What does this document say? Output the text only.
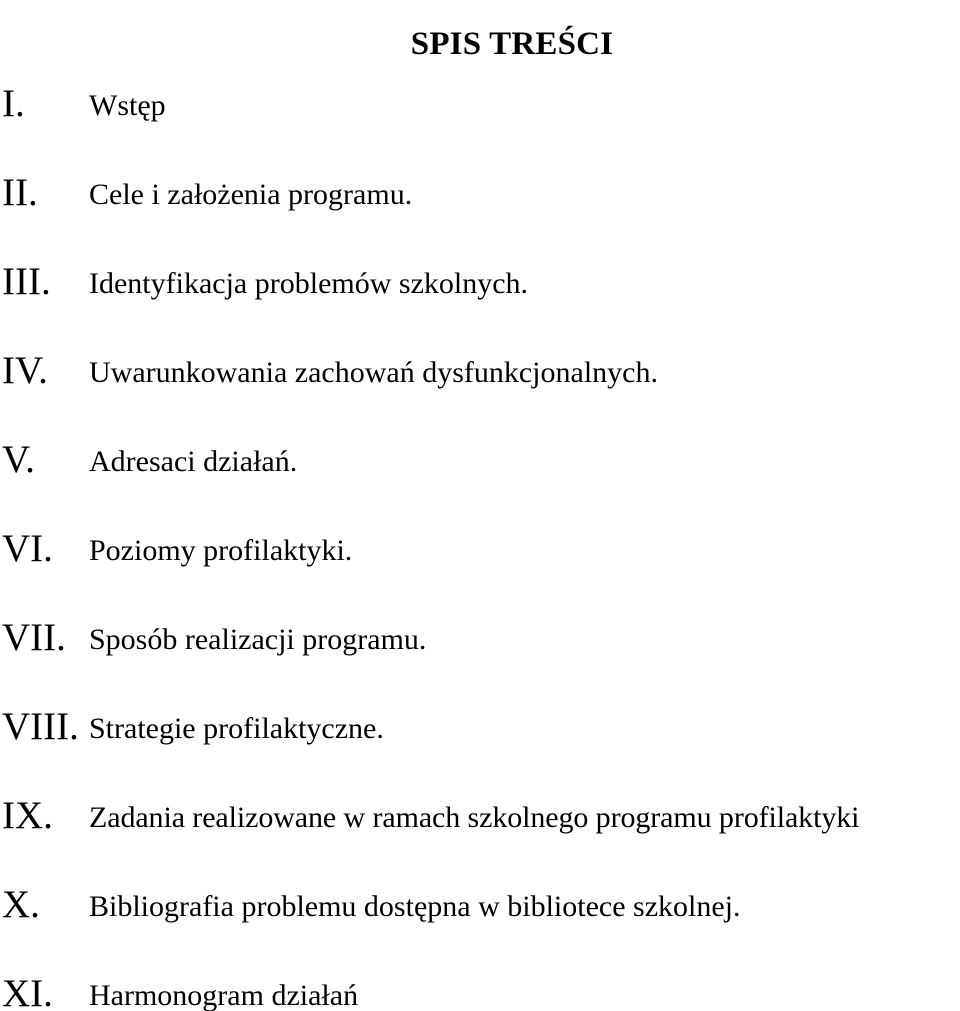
SPIS TREŚCI
I. Wstęp
II. Cele i założenia programu.
III. Identyfikacja problemów szkolnych.
IV. Uwarunkowania zachowań dysfunkcjonalnych.
V. Adresaci działań.
VI. Poziomy profilaktyki.
VII. Sposób realizacji programu.
VIII. Strategie profilaktyczne.
IX. Zadania realizowane w ramach szkolnego programu profilaktyki
X. Bibliografia problemu dostępna w bibliotece szkolnej.
XI. Harmonogram działań
